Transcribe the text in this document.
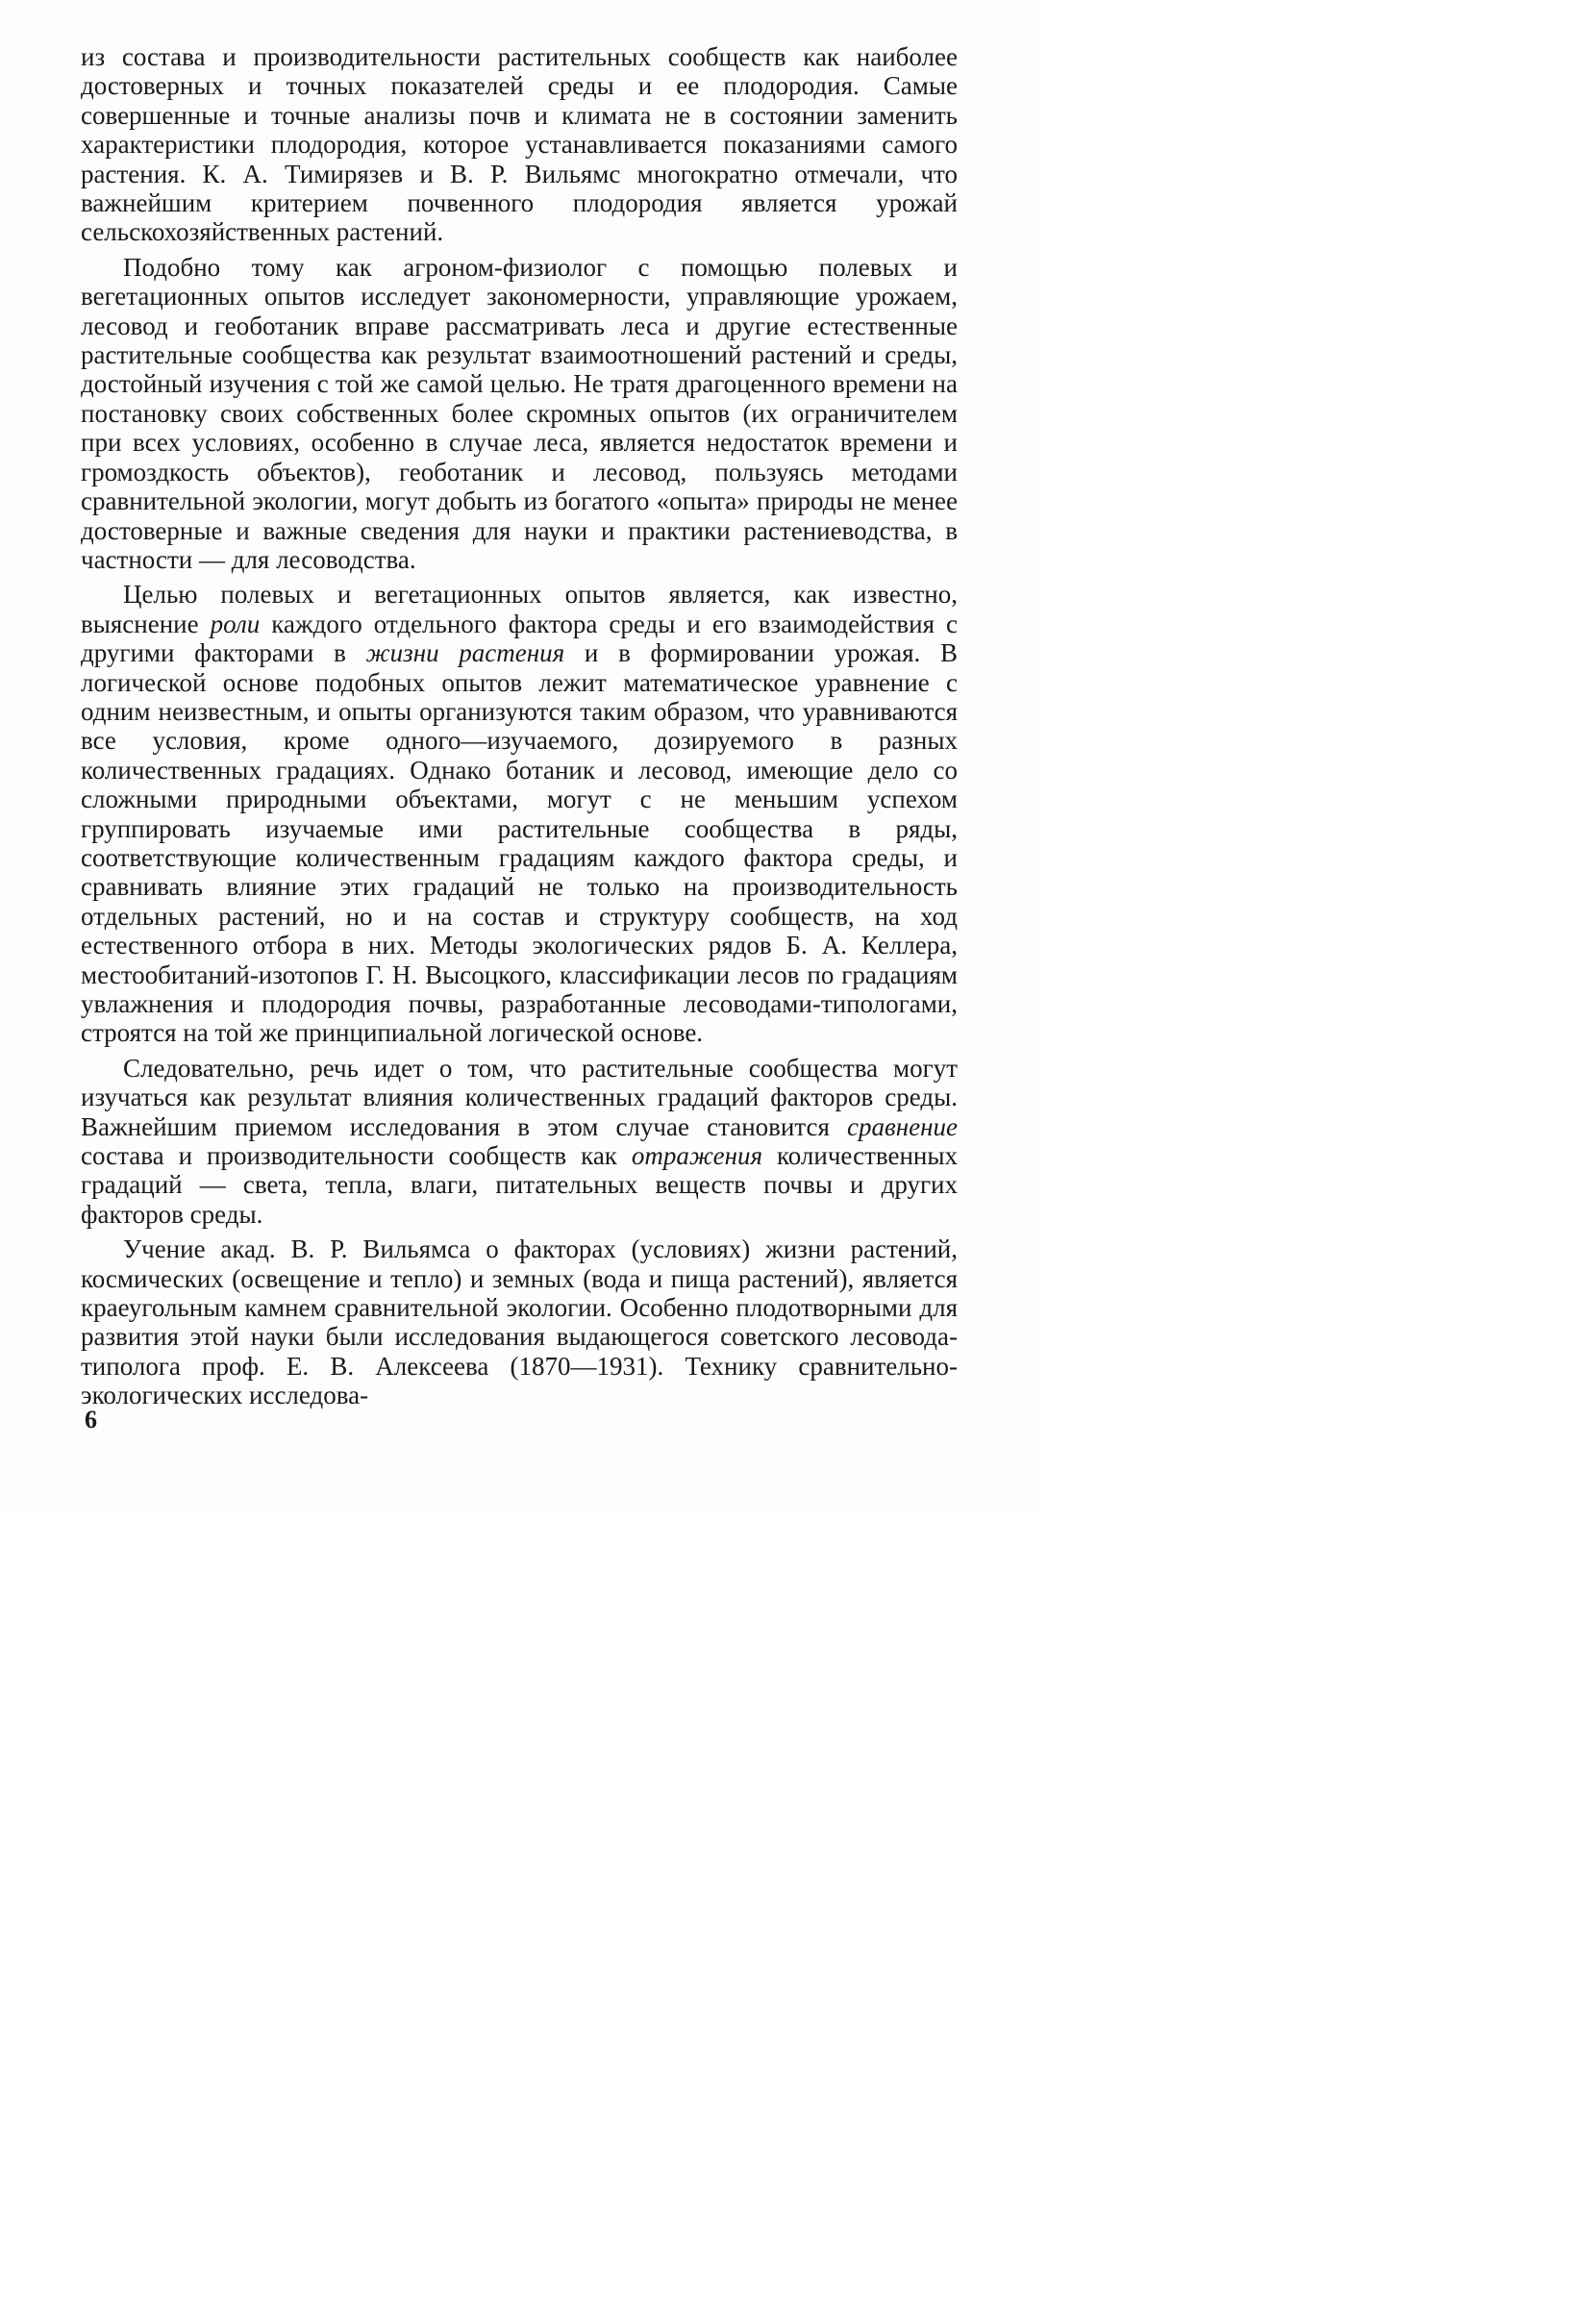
из состава и производительности растительных сообществ как наиболее достоверных и точных показателей среды и ее плодородия. Самые совершенные и точные анализы почв и климата не в состоянии заменить характеристики плодородия, которое устанавливается показаниями самого растения. К. А. Тимирязев и В. Р. Вильямс многократно отмечали, что важнейшим критерием почвенного плодородия является урожай сельскохозяйственных растений.

Подобно тому как агроном-физиолог с помощью полевых и вегетационных опытов исследует закономерности, управляющие урожаем, лесовод и геоботаник вправе рассматривать леса и другие естественные растительные сообщества как результат взаимоотношений растений и среды, достойный изучения с той же самой целью. Не тратя драгоценного времени на постановку своих собственных более скромных опытов (их ограничителем при всех условиях, особенно в случае леса, является недостаток времени и громоздкость объектов), геоботаник и лесовод, пользуясь методами сравнительной экологии, могут добыть из богатого «опыта» природы не менее достоверные и важные сведения для науки и практики растениеводства, в частности — для лесоводства.

Целью полевых и вегетационных опытов является, как известно, выяснение роли каждого отдельного фактора среды и его взаимодействия с другими факторами в жизни растения и в формировании урожая. В логической основе подобных опытов лежит математическое уравнение с одним неизвестным, и опыты организуются таким образом, что уравниваются все условия, кроме одного—изучаемого, дозируемого в разных количественных градациях. Однако ботаник и лесовод, имеющие дело со сложными природными объектами, могут с не меньшим успехом группировать изучаемые ими растительные сообщества в ряды, соответствующие количественным градациям каждого фактора среды, и сравнивать влияние этих градаций не только на производительность отдельных растений, но и на состав и структуру сообществ, на ход естественного отбора в них. Методы экологических рядов Б. А. Келлера, местообитаний-изотопов Г. Н. Высоцкого, классификации лесов по градациям увлажнения и плодородия почвы, разработанные лесоводами-типологами, строятся на той же принципиальной логической основе.

Следовательно, речь идет о том, что растительные сообщества могут изучаться как результат влияния количественных градаций факторов среды. Важнейшим приемом исследования в этом случае становится сравнение состава и производительности сообществ как отражения количественных градаций — света, тепла, влаги, питательных веществ почвы и других факторов среды.

Учение акад. В. Р. Вильямса о факторах (условиях) жизни растений, космических (освещение и тепло) и земных (вода и пища растений), является краеугольным камнем сравнительной экологии. Особенно плодотворными для развития этой науки были исследования выдающегося советского лесовода-типолога проф. Е. В. Алексеева (1870—1931). Технику сравнительно-экологических исследова-

6
